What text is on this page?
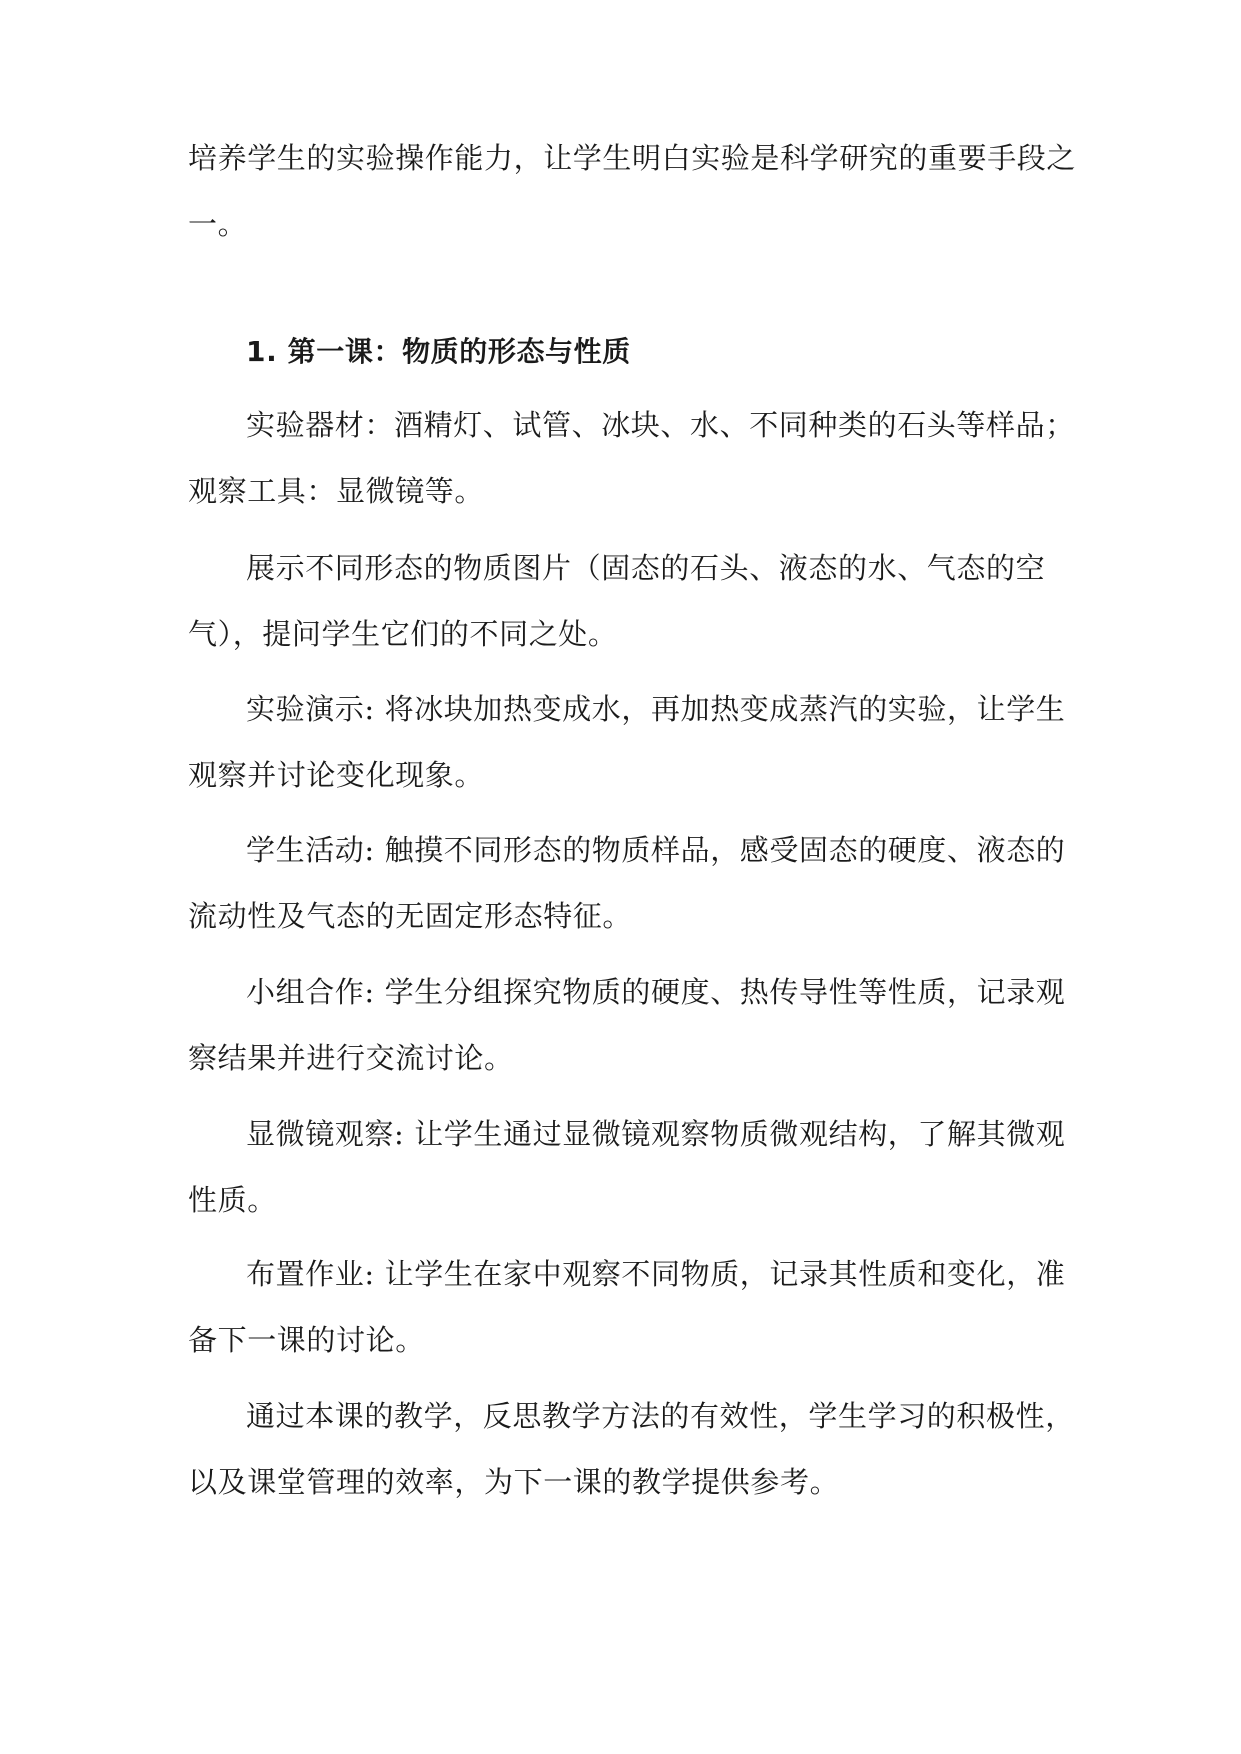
培养学生的实验操作能力，让学生明白实验是科学研究的重要手段之
一。
1. 第一课：物质的形态与性质
实验器材：酒精灯、试管、冰块、水、不同种类的石头等样品；
观察工具：显微镜等。
展示不同形态的物质图片（固态的石头、液态的水、气态的空
气），提问学生它们的不同之处。
实验演示: 将冰块加热变成水，再加热变成蒸汽的实验，让学生
观察并讨论变化现象。
学生活动: 触摸不同形态的物质样品，感受固态的硬度、液态的
流动性及气态的无固定形态特征。
小组合作: 学生分组探究物质的硬度、热传导性等性质，记录观
察结果并进行交流讨论。
显微镜观察: 让学生通过显微镜观察物质微观结构，了解其微观
性质。
布置作业: 让学生在家中观察不同物质，记录其性质和变化，准
备下一课的讨论。
通过本课的教学，反思教学方法的有效性，学生学习的积极性，
以及课堂管理的效率，为下一课的教学提供参考。
